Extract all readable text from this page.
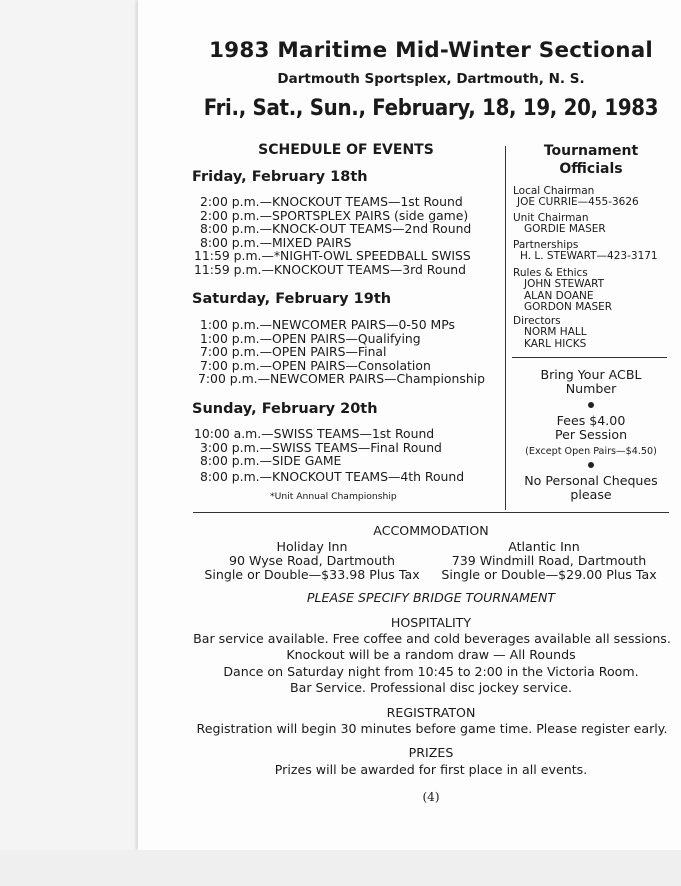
1983 Maritime Mid-Winter Sectional
Dartmouth Sportsplex, Dartmouth, N. S.
Fri., Sat., Sun., February, 18, 19, 20, 1983
SCHEDULE OF EVENTS
Friday, February 18th
2:00 p.m.—KNOCKOUT TEAMS—1st Round
2:00 p.m.—SPORTSPLEX PAIRS (side game)
8:00 p.m.—KNOCK-OUT TEAMS—2nd Round
8:00 p.m.—MIXED PAIRS
11:59 p.m.—*NIGHT-OWL SPEEDBALL SWISS
11:59 p.m.—KNOCKOUT TEAMS—3rd Round
Saturday, February 19th
1:00 p.m.—NEWCOMER PAIRS—0-50 MPs
1:00 p.m.—OPEN PAIRS—Qualifying
7:00 p.m.—OPEN PAIRS—Final
7:00 p.m.—OPEN PAIRS—Consolation
7:00 p.m.—NEWCOMER PAIRS—Championship
Sunday, February 20th
10:00 a.m.—SWISS TEAMS—1st Round
3:00 p.m.—SWISS TEAMS—Final Round
8:00 p.m.—SIDE GAME
8:00 p.m.—KNOCKOUT TEAMS—4th Round
*Unit Annual Championship
Tournament
Officials
Local Chairman
JOE CURRIE—455-3626
Unit Chairman
GORDIE MASER
Partnerships
H. L. STEWART—423-3171
Rules & Ethics
JOHN STEWART
ALAN DOANE
GORDON MASER
Directors
NORM HALL
KARL HICKS
Bring Your ACBL
Number
Fees $4.00
Per Session
(Except Open Pairs—$4.50)
No Personal Cheques
please
ACCOMMODATION
Holiday Inn
90 Wyse Road, Dartmouth
Single or Double—$33.98 Plus Tax
Atlantic Inn
739 Windmill Road, Dartmouth
Single or Double—$29.00 Plus Tax
PLEASE SPECIFY BRIDGE TOURNAMENT
HOSPITALITY
Bar service available. Free coffee and cold beverages available all sessions.
Knockout will be a random draw — All Rounds
Dance on Saturday night from 10:45 to 2:00 in the Victoria Room.
Bar Service. Professional disc jockey service.
REGISTRATON
Registration will begin 30 minutes before game time. Please register early.
PRIZES
Prizes will be awarded for first place in all events.
(4)
